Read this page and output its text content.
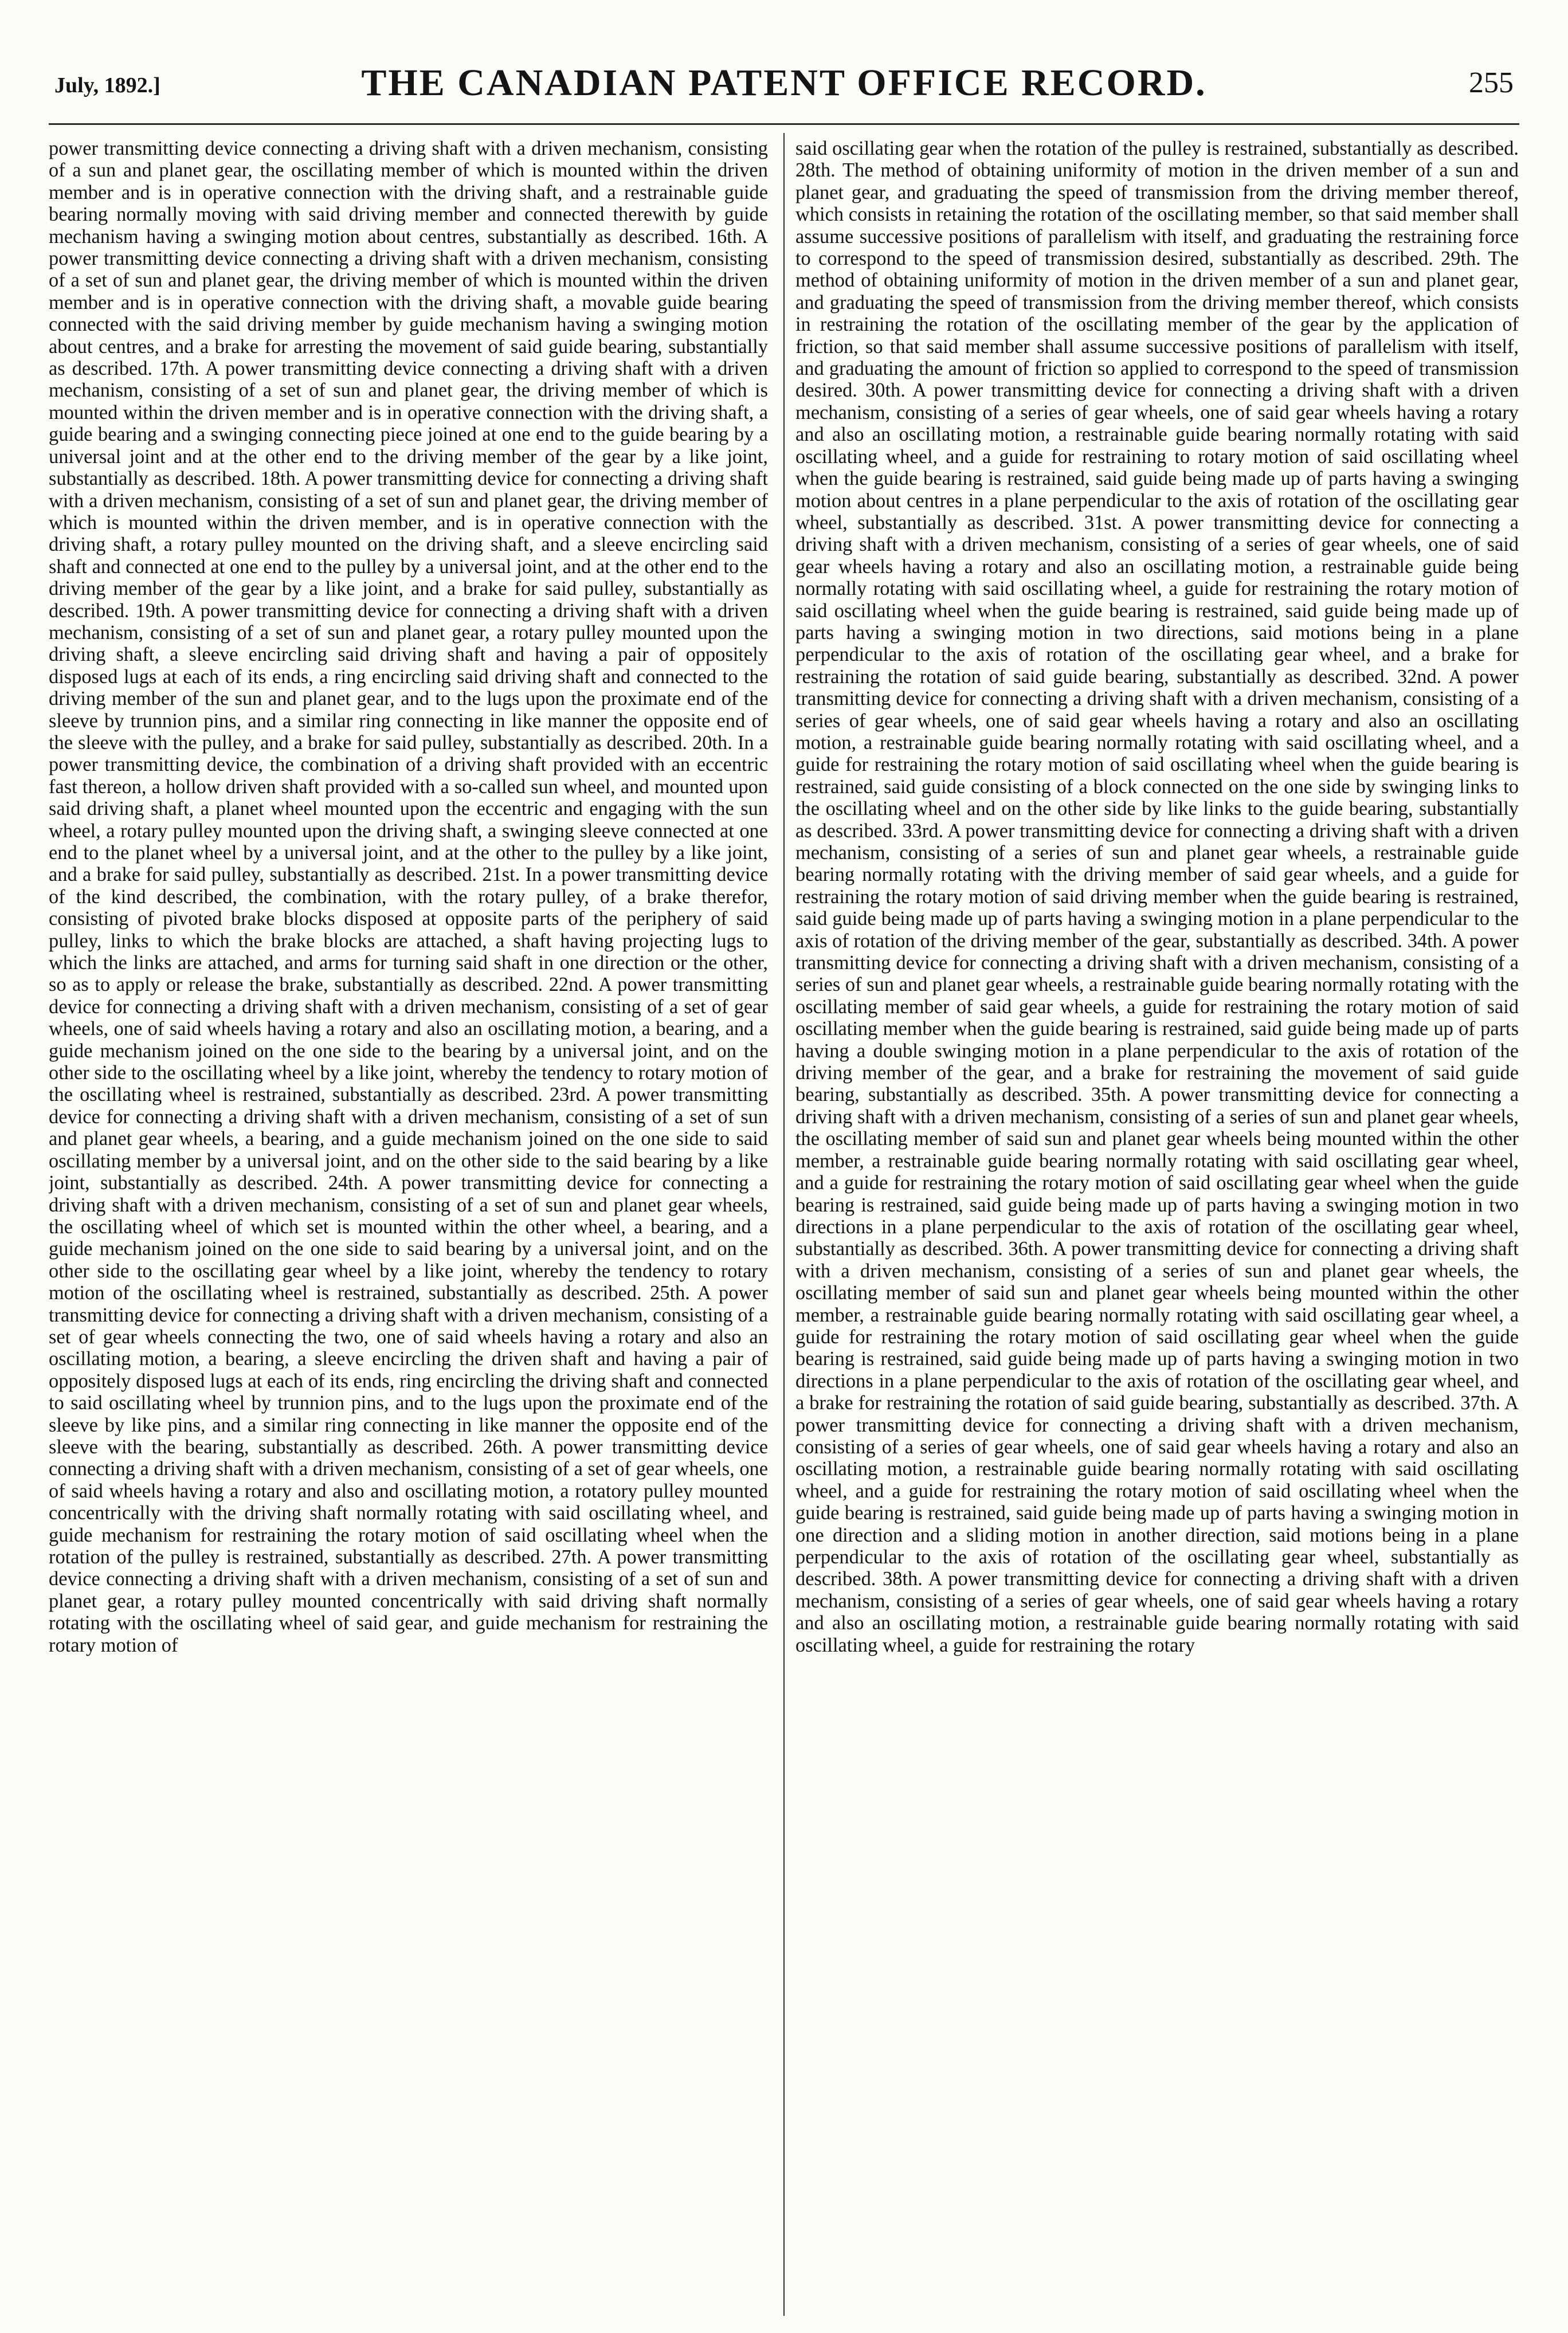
July, 1892.]	THE CANADIAN PATENT OFFICE RECORD.	255

power transmitting device connecting a driving shaft with a driven mechanism, consisting of a sun and planet gear, the oscillating member of which is mounted within the driven member and is in operative connection with the driving shaft, and a restrainable guide bearing normally moving with said driving member and connected therewith by guide mechanism having a swinging motion about centres, substantially as described. 16th. A power transmitting device connecting a driving shaft with a driven mechanism, consisting of a set of sun and planet gear, the driving member of which is mounted within the driven member and is in operative connection with the driving shaft, a movable guide bearing connected with the said driving member by guide mechanism having a swinging motion about centres, and a brake for arresting the movement of said guide bearing, substantially as described. 17th. A power transmitting device connecting a driving shaft with a driven mechanism, consisting of a set of sun and planet gear, the driving member of which is mounted within the driven member and is in operative connection with the driving shaft, a guide bearing and a swinging connecting piece joined at one end to the guide bearing by a universal joint and at the other end to the driving member of the gear by a like joint, substantially as described. 18th. A power transmitting device for connecting a driving shaft with a driven mechanism, consisting of a set of sun and planet gear, the driving member of which is mounted within the driven member, and is in operative connection with the driving shaft, a rotary pulley mounted on the driving shaft, and a sleeve encircling said shaft and connected at one end to the pulley by a universal joint, and at the other end to the driving member of the gear by a like joint, and a brake for said pulley, substantially as described. 19th. A power transmitting device for connecting a driving shaft with a driven mechanism, consisting of a set of sun and planet gear, a rotary pulley mounted upon the driving shaft, a sleeve encircling said driving shaft and having a pair of oppositely disposed lugs at each of its ends, a ring encircling said driving shaft and connected to the driving member of the sun and planet gear, and to the lugs upon the proximate end of the sleeve by trunnion pins, and a similar ring connecting in like manner the opposite end of the sleeve with the pulley, and a brake for said pulley, substantially as described. 20th. In a power transmitting device, the combination of a driving shaft provided with an eccentric fast thereon, a hollow driven shaft provided with a so-called sun wheel, and mounted upon said driving shaft, a planet wheel mounted upon the eccentric and engaging with the sun wheel, a rotary pulley mounted upon the driving shaft, a swinging sleeve connected at one end to the planet wheel by a universal joint, and at the other to the pulley by a like joint, and a brake for said pulley, substantially as described. 21st. In a power transmitting device of the kind described, the combination, with the rotary pulley, of a brake therefor, consisting of pivoted brake blocks disposed at opposite parts of the periphery of said pulley, links to which the brake blocks are attached, a shaft having projecting lugs to which the links are attached, and arms for turning said shaft in one direction or the other, so as to apply or release the brake, substantially as described. 22nd. A power transmitting device for connecting a driving shaft with a driven mechanism, consisting of a set of gear wheels, one of said wheels having a rotary and also an oscillating motion, a bearing, and a guide mechanism joined on the one side to the bearing by a universal joint, and on the other side to the oscillating wheel by a like joint, whereby the tendency to rotary motion of the oscillating wheel is restrained, substantially as described. 23rd. A power transmitting device for connecting a driving shaft with a driven mechanism, consisting of a set of sun and planet gear wheels, a bearing, and a guide mechanism joined on the one side to said oscillating member by a universal joint, and on the other side to the said bearing by a like joint, substantially as described. 24th. A power transmitting device for connecting a driving shaft with a driven mechanism, consisting of a set of sun and planet gear wheels, the oscillating wheel of which set is mounted within the other wheel, a bearing, and a guide mechanism joined on the one side to said bearing by a universal joint, and on the other side to the oscillating gear wheel by a like joint, whereby the tendency to rotary motion of the oscillating wheel is restrained, substantially as described. 25th. A power transmitting device for connecting a driving shaft with a driven mechanism, consisting of a set of gear wheels connecting the two, one of said wheels having a rotary and also an oscillating motion, a bearing, a sleeve encircling the driven shaft and having a pair of oppositely disposed lugs at each of its ends, ring encircling the driving shaft and connected to said oscillating wheel by trunnion pins, and to the lugs upon the proximate end of the sleeve by like pins, and a similar ring connecting in like manner the opposite end of the sleeve with the bearing, substantially as described. 26th. A power transmitting device connecting a driving shaft with a driven mechanism, consisting of a set of gear wheels, one of said wheels having a rotary and also and oscillating motion, a rotatory pulley mounted concentrically with the driving shaft normally rotating with said oscillating wheel, and guide mechanism for restraining the rotary motion of said oscillating wheel when the rotation of the pulley is restrained, substantially as described. 27th. A power transmitting device connecting a driving shaft with a driven mechanism, consisting of a set of sun and planet gear, a rotary pulley mounted concentrically with said driving shaft normally rotating with the oscillating wheel of said gear, and guide mechanism for restraining the rotary motion of

said oscillating gear when the rotation of the pulley is restrained, substantially as described. 28th. The method of obtaining uniformity of motion in the driven member of a sun and planet gear, and graduating the speed of transmission from the driving member thereof, which consists in retaining the rotation of the oscillating member, so that said member shall assume successive positions of parallelism with itself, and graduating the restraining force to correspond to the speed of transmission desired, substantially as described. 29th. The method of obtaining uniformity of motion in the driven member of a sun and planet gear, and graduating the speed of transmission from the driving member thereof, which consists in restraining the rotation of the oscillating member of the gear by the application of friction, so that said member shall assume successive positions of parallelism with itself, and graduating the amount of friction so applied to correspond to the speed of transmission desired. 30th. A power transmitting device for connecting a driving shaft with a driven mechanism, consisting of a series of gear wheels, one of said gear wheels having a rotary and also an oscillating motion, a restrainable guide bearing normally rotating with said oscillating wheel, and a guide for restraining to rotary motion of said oscillating wheel when the guide bearing is restrained, said guide being made up of parts having a swinging motion about centres in a plane perpendicular to the axis of rotation of the oscillating gear wheel, substantially as described. 31st. A power transmitting device for connecting a driving shaft with a driven mechanism, consisting of a series of gear wheels, one of said gear wheels having a rotary and also an oscillating motion, a restrainable guide being normally rotating with said oscillating wheel, a guide for restraining the rotary motion of said oscillating wheel when the guide bearing is restrained, said guide being made up of parts having a swinging motion in two directions, said motions being in a plane perpendicular to the axis of rotation of the oscillating gear wheel, and a brake for restraining the rotation of said guide bearing, substantially as described. 32nd. A power transmitting device for connecting a driving shaft with a driven mechanism, consisting of a series of gear wheels, one of said gear wheels having a rotary and also an oscillating motion, a restrainable guide bearing normally rotating with said oscillating wheel, and a guide for restraining the rotary motion of said oscillating wheel when the guide bearing is restrained, said guide consisting of a block connected on the one side by swinging links to the oscillating wheel and on the other side by like links to the guide bearing, substantially as described. 33rd. A power transmitting device for connecting a driving shaft with a driven mechanism, consisting of a series of sun and planet gear wheels, a restrainable guide bearing normally rotating with the driving member of said gear wheels, and a guide for restraining the rotary motion of said driving member when the guide bearing is restrained, said guide being made up of parts having a swinging motion in a plane perpendicular to the axis of rotation of the driving member of the gear, substantially as described. 34th. A power transmitting device for connecting a driving shaft with a driven mechanism, consisting of a series of sun and planet gear wheels, a restrainable guide bearing normally rotating with the oscillating member of said gear wheels, a guide for restraining the rotary motion of said oscillating member when the guide bearing is restrained, said guide being made up of parts having a double swinging motion in a plane perpendicular to the axis of rotation of the driving member of the gear, and a brake for restraining the movement of said guide bearing, substantially as described. 35th. A power transmitting device for connecting a driving shaft with a driven mechanism, consisting of a series of sun and planet gear wheels, the oscillating member of said sun and planet gear wheels being mounted within the other member, a restrainable guide bearing normally rotating with said oscillating gear wheel, and a guide for restraining the rotary motion of said oscillating gear wheel when the guide bearing is restrained, said guide being made up of parts having a swinging motion in two directions in a plane perpendicular to the axis of rotation of the oscillating gear wheel, substantially as described. 36th. A power transmitting device for connecting a driving shaft with a driven mechanism, consisting of a series of sun and planet gear wheels, the oscillating member of said sun and planet gear wheels being mounted within the other member, a restrainable guide bearing normally rotating with said oscillating gear wheel, a guide for restraining the rotary motion of said oscillating gear wheel when the guide bearing is restrained, said guide being made up of parts having a swinging motion in two directions in a plane perpendicular to the axis of rotation of the oscillating gear wheel, and a brake for restraining the rotation of said guide bearing, substantially as described. 37th. A power transmitting device for connecting a driving shaft with a driven mechanism, consisting of a series of gear wheels, one of said gear wheels having a rotary and also an oscillating motion, a restrainable guide bearing normally rotating with said oscillating wheel, and a guide for restraining the rotary motion of said oscillating wheel when the guide bearing is restrained, said guide being made up of parts having a swinging motion in one direction and a sliding motion in another direction, said motions being in a plane perpendicular to the axis of rotation of the oscillating gear wheel, substantially as described. 38th. A power transmitting device for connecting a driving shaft with a driven mechanism, consisting of a series of gear wheels, one of said gear wheels having a rotary and also an oscillating motion, a restrainable guide bearing normally rotating with said oscillating wheel, a guide for restraining the rotary
